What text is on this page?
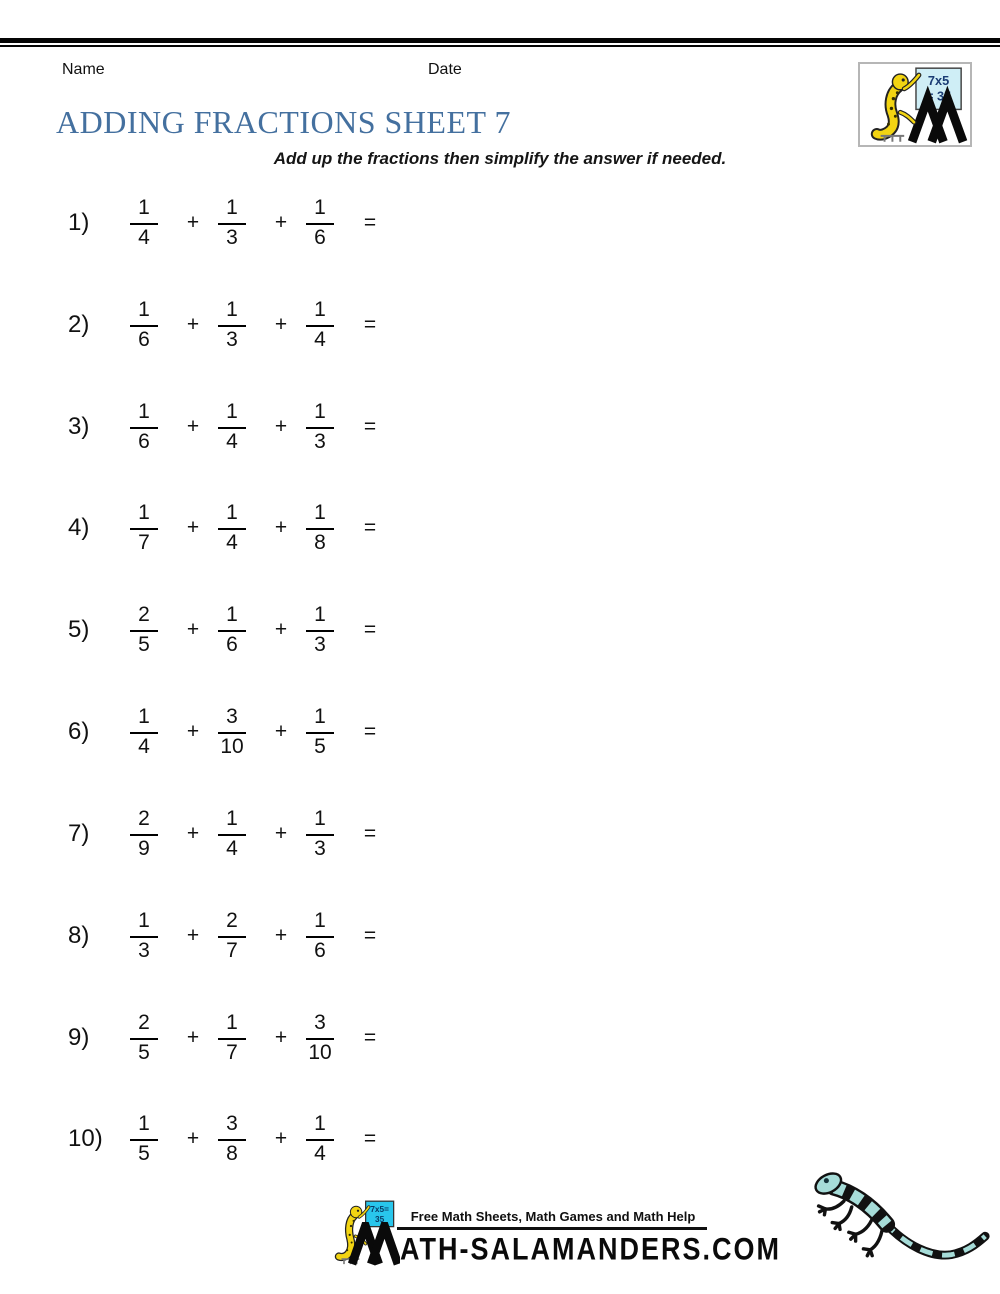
Name	Date
7x5
= 35
ADDING FRACTIONS SHEET 7
Add up the fractions then simplify the answer if needed.
1)	$\frac{1}{4} + \frac{1}{3} + \frac{1}{6}$ =
2)	$\frac{1}{6} + \frac{1}{3} + \frac{1}{4}$ =
3)	$\frac{1}{6} + \frac{1}{4} + \frac{1}{3}$ =
4)	$\frac{1}{7} + \frac{1}{4} + \frac{1}{8}$ =
5)	$\frac{2}{5} + \frac{1}{6} + \frac{1}{3}$ =
6)	$\frac{1}{4} + \frac{3}{10} + \frac{1}{5}$ =
7)	$\frac{2}{9} + \frac{1}{4} + \frac{1}{3}$ =
8)	$\frac{1}{3} + \frac{2}{7} + \frac{1}{6}$ =
9)	$\frac{2}{5} + \frac{1}{7} + \frac{3}{10}$ =
$10) \frac{1}{5} + \frac{3}{8} + \frac{1}{4}$ =
7x5=
35	Free Math Sheets, Math Games and Math Help
ATH-SALAMANDERS.COM
